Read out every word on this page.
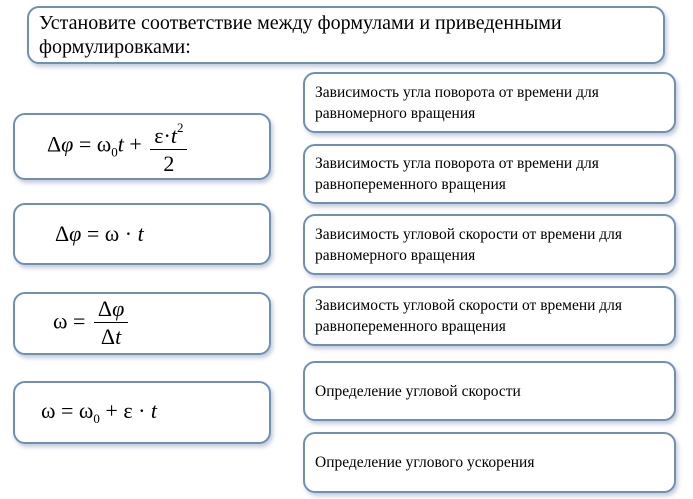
Установите соответствие между формулами и приведенными формулировками:
$\Delta\varphi = \omega_0t + \frac{\varepsilon\cdot t^2}{2}$
Δφ = ω · t
$\omega = \frac{\Delta\varphi}{\Delta t}$
$\omega = \omega_0 + \varepsilon \cdot t$
Зависимость угла поворота от времени для равномерного вращения
Зависимость угла поворота от времени для равнопеременного вращения
Зависимость угловой скорости от времени для равномерного вращения
Зависимость угловой скорости от времени для равнопеременного вращения
Определение угловой скорости
Определение углового ускорения
